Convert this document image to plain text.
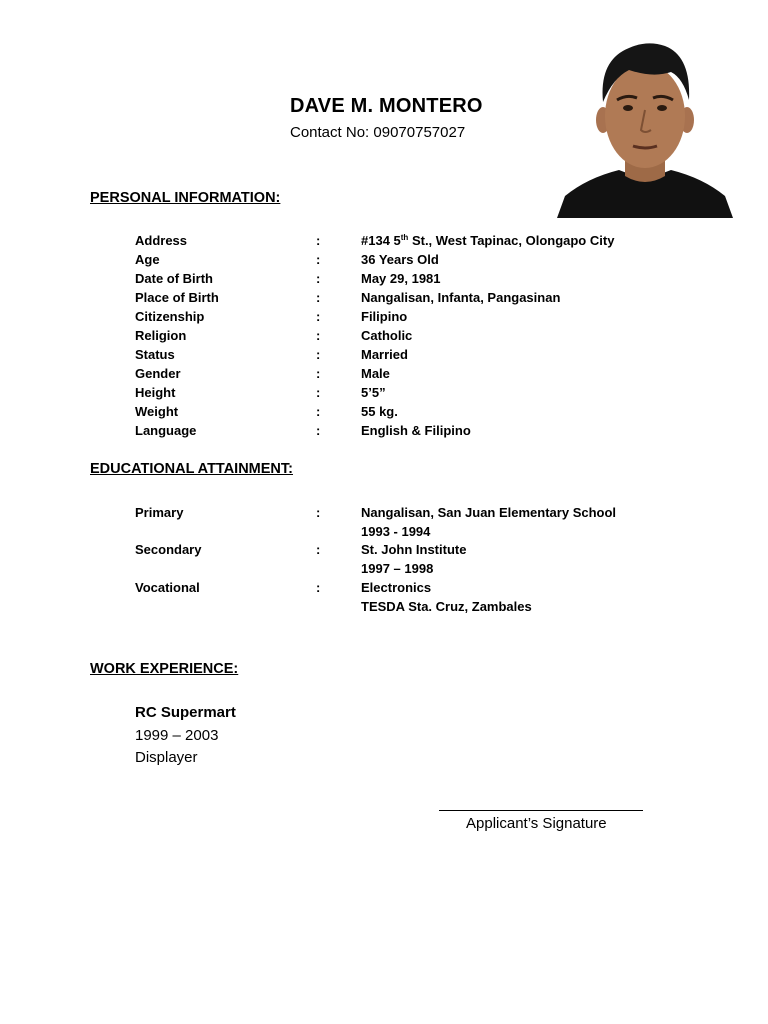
DAVE M. MONTERO
Contact No: 09070757027
PERSONAL INFORMATION:
Address	:	#134 5th St., West Tapinac, Olongapo City
Age	:	36 Years Old
Date of Birth	:	May 29, 1981
Place of Birth	:	Nangalisan, Infanta, Pangasinan
Citizenship	:	Filipino
Religion	:	Catholic
Status	:	Married
Gender	:	Male
Height	:	5’5”
Weight	:	55 kg.
Language	:	English & Filipino
EDUCATIONAL ATTAINMENT:
Primary	:	Nangalisan, San Juan Elementary School
1993 - 1994
Secondary	:	St. John Institute
1997 – 1998
Vocational	:	Electronics
TESDA Sta. Cruz, Zambales
WORK EXPERIENCE:
RC Supermart
1999 – 2003
Displayer
Applicant’s Signature
